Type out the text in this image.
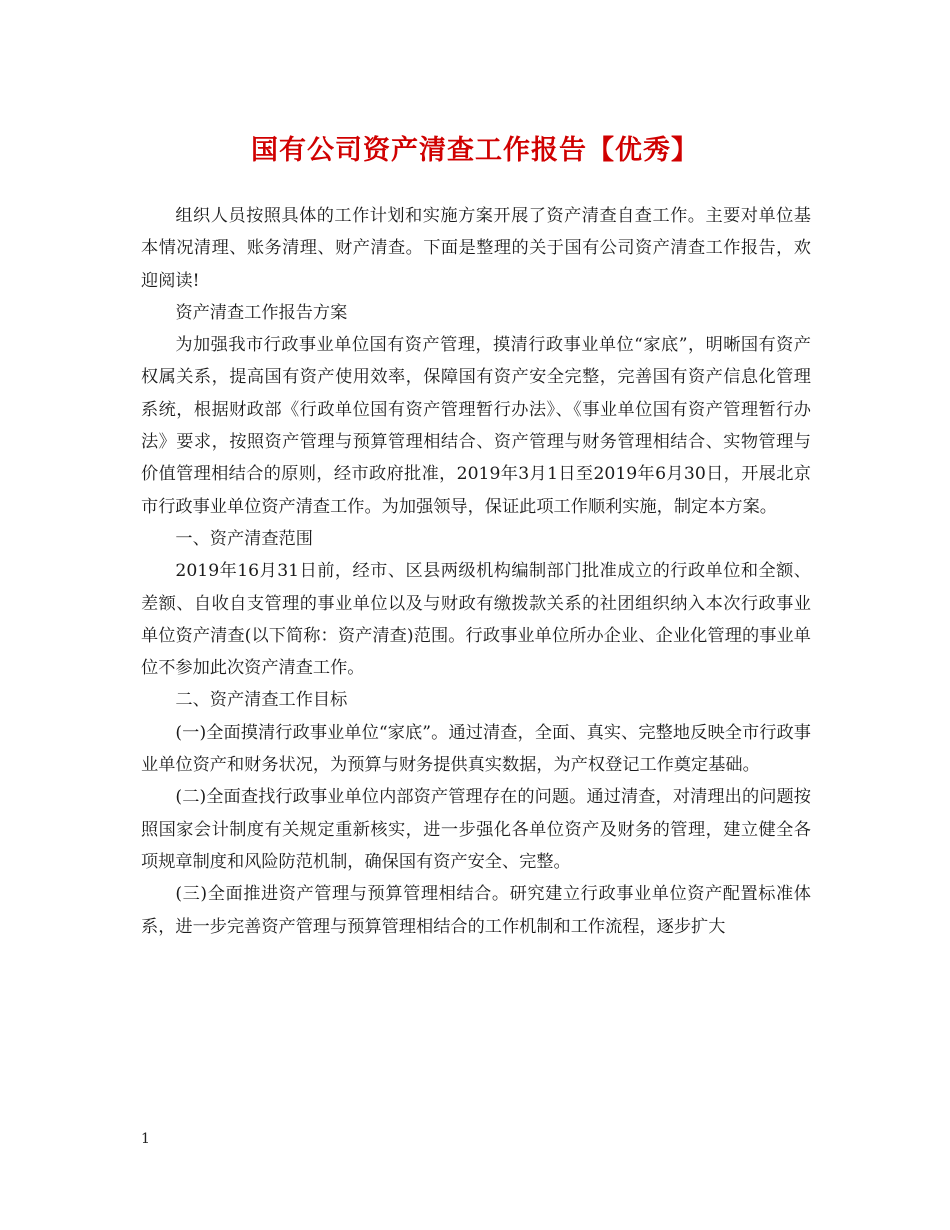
国有公司资产清查工作报告【优秀】

组织人员按照具体的工作计划和实施方案开展了资产清查自查工作。主要对单位基本情况清理、账务清理、财产清查。下面是整理的关于国有公司资产清查工作报告，欢迎阅读!

资产清查工作报告方案

为加强我市行政事业单位国有资产管理，摸清行政事业单位“家底”，明晰国有资产权属关系，提高国有资产使用效率，保障国有资产安全完整，完善国有资产信息化管理系统，根据财政部《行政单位国有资产管理暂行办法》、《事业单位国有资产管理暂行办法》要求，按照资产管理与预算管理相结合、资产管理与财务管理相结合、实物管理与价值管理相结合的原则，经市政府批准，2019年3月1日至2019年6月30日，开展北京市行政事业单位资产清查工作。为加强领导，保证此项工作顺利实施，制定本方案。

一、资产清查范围

2019年16月31日前，经市、区县两级机构编制部门批准成立的行政单位和全额、差额、自收自支管理的事业单位以及与财政有缴拨款关系的社团组织纳入本次行政事业单位资产清查(以下简称：资产清查)范围。行政事业单位所办企业、企业化管理的事业单位不参加此次资产清查工作。

二、资产清查工作目标

(一)全面摸清行政事业单位“家底”。通过清查，全面、真实、完整地反映全市行政事业单位资产和财务状况，为预算与财务提供真实数据，为产权登记工作奠定基础。

(二)全面查找行政事业单位内部资产管理存在的问题。通过清查，对清理出的问题按照国家会计制度有关规定重新核实，进一步强化各单位资产及财务的管理，建立健全各项规章制度和风险防范机制，确保国有资产安全、完整。

(三)全面推进资产管理与预算管理相结合。研究建立行政事业单位资产配置标准体系，进一步完善资产管理与预算管理相结合的工作机制和工作流程，逐步扩大

1
